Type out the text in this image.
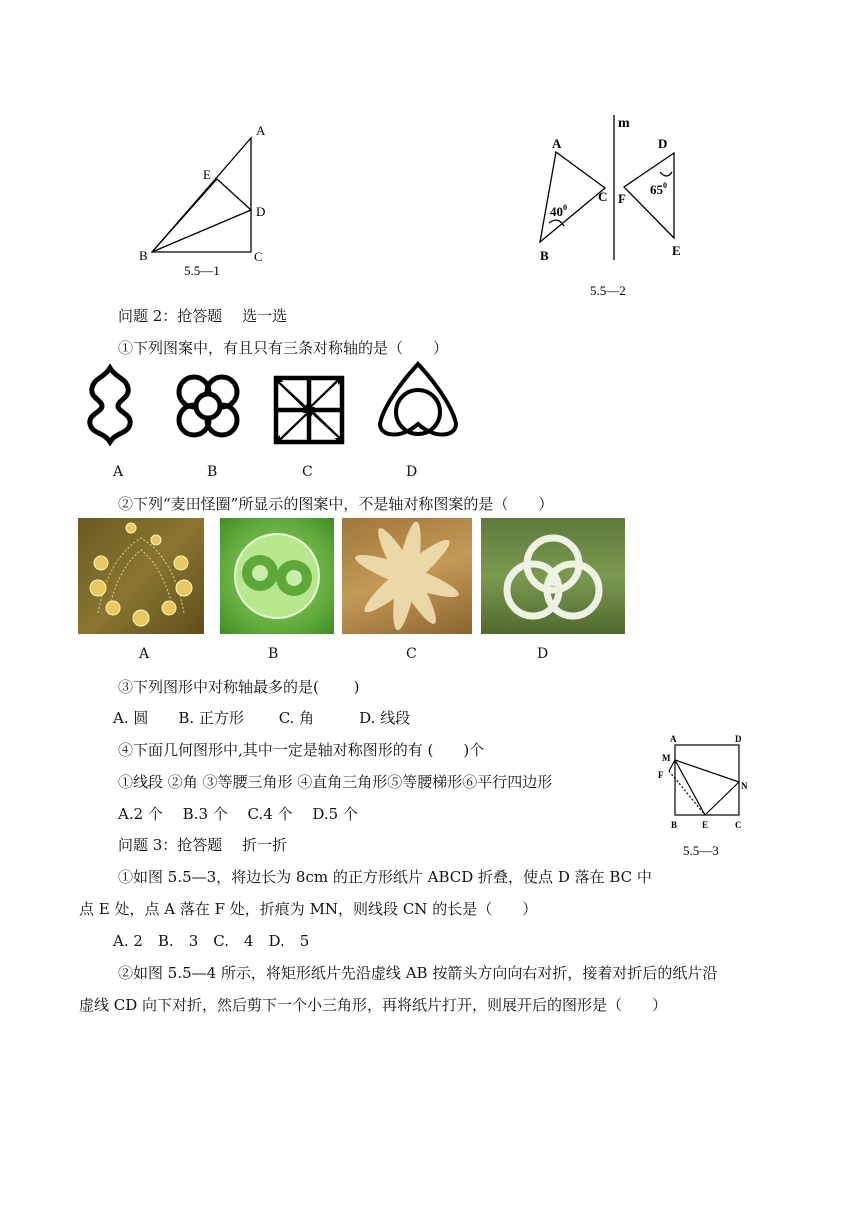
A
E
D
B	C
5.5—1
m
A
B
C F
D
E
$40^0$
$65^0$
5.5—2
问题 2：抢答题　 选一选
①下列图案中，有且只有三条对称轴的是（　　）
A	B	C	D
②下列“麦田怪圈”所显示的图案中，不是轴对称图案的是（　　）
A	B	C	D
③下列图形中对称轴最多的是(　　 )
A. 圆　　B. 正方形　　 C. 角　　　D. 线段
④下面几何图形中,其中一定是轴对称图形的有 (　　)个
①线段 ②角 ③等腰三角形 ④直角三角形⑤等腰梯形⑥平行四边形
A.2 个　 B.3 个　 C.4 个　 D.5 个
A	D
M
F
N
B	E	C
5.5—3
问题 3：抢答题　 折一折
①如图 5.5—3，将边长为 8cm 的正方形纸片 ABCD 折叠，使点 D 落在 BC 中
点 E 处，点 A 落在 F 处，折痕为 MN，则线段 CN 的长是（　　）
A. 2　B.　3　C.　4　D.　5
②如图 5.5—4 所示，将矩形纸片先沿虚线 AB 按箭头方向向右对折，接着对折后的纸片沿
虚线 CD 向下对折，然后剪下一个小三角形，再将纸片打开，则展开后的图形是（　　）
